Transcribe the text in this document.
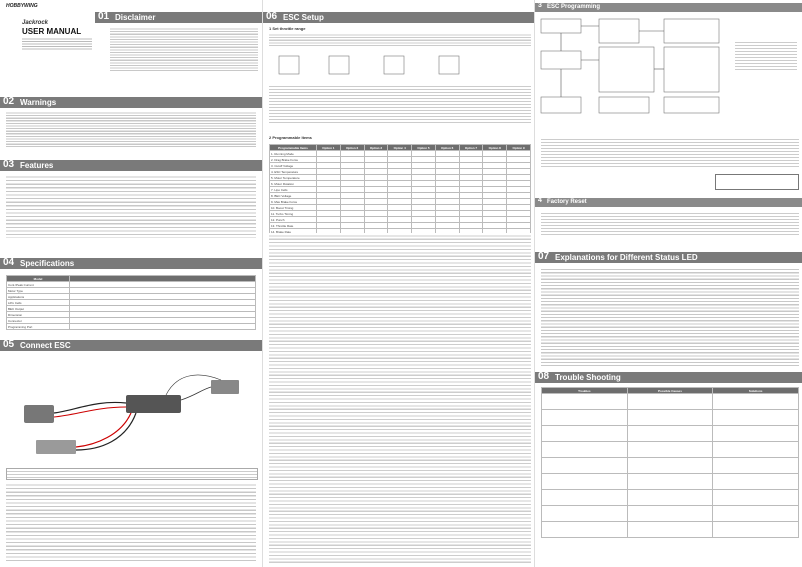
HOBBYWING
Jackrock
USER MANUAL
01 Disclaimer
02 Warnings
03 Features
04 Specifications
Model	
Cont./Peak Current	
Motor Type	
Applications	
LiPo Cells	
BEC Output	
Dimension	
Connector	
Programming Port	
05 Connect ESC
06 ESC Setup
1 Set throttle range
2 Programmable Items
Programmable Items	Option 1	Option 2	Option 3	Option 4	Option 5	Option 6	Option 7	Option 8	Option 9
1. Running Mode									
2. Drag Brake Force									
3. Cutoff Voltage									
4. ESC Temperature									
5. Motor Temperature									
6. Motor Rotation									
7. Lipo Cells									
8. BEC Voltage									
9. Max Brake Force									
10. Boost Timing									
11. Turbo Timing									
12. Punch									
13. Throttle Rate									
14. Brake Rate									
3 ESC Programming
4 Factory Reset
07 Explanations for Different Status LED
08 Trouble Shooting
Troubles	Possible Causes	Solutions
